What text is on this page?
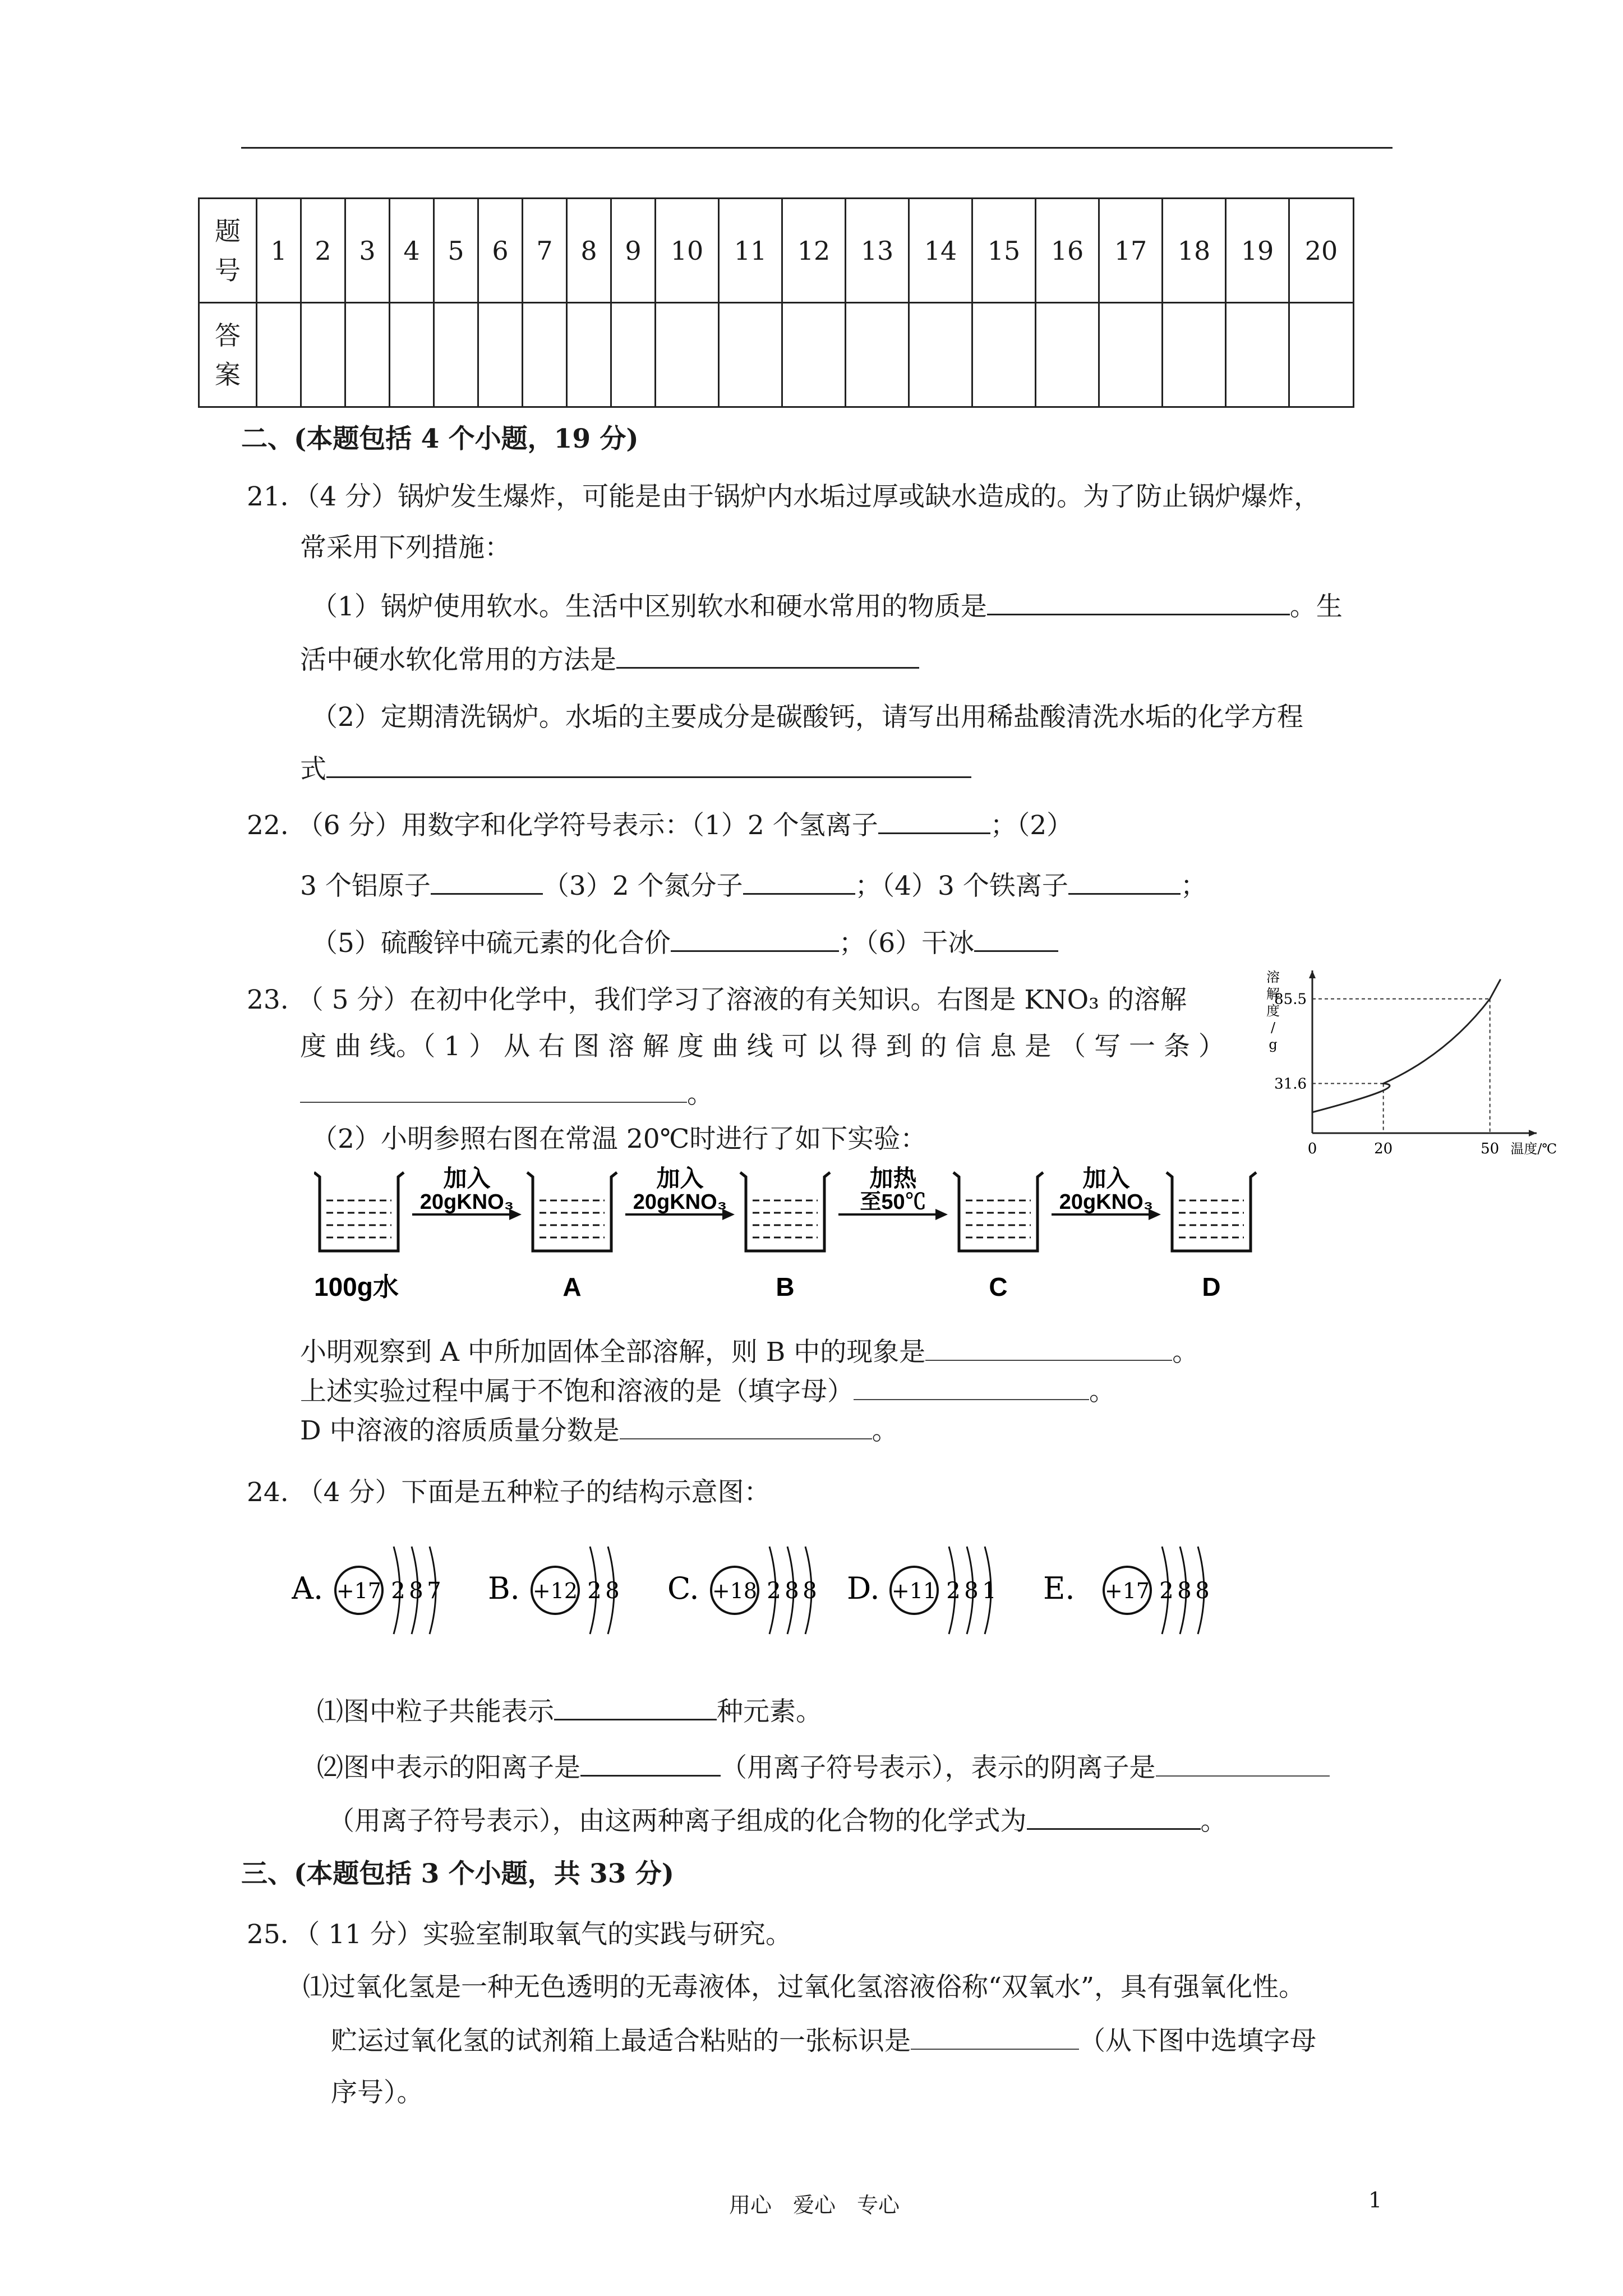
题号	1	2	3	4	5	6	7	8	9	10	11	12	13	14	15	16	17	18	19	20
答案																				
二、(本题包括 4 个小题，19 分)
21．（4 分）锅炉发生爆炸，可能是由于锅炉内水垢过厚或缺水造成的。为了防止锅炉爆炸，
常采用下列措施：
（1）锅炉使用软水。生活中区别软水和硬水常用的物质是	。生
活中硬水软化常用的方法是
（2）定期清洗锅炉。水垢的主要成分是碳酸钙，请写出用稀盐酸清洗水垢的化学方程
式
22. （6 分）用数字和化学符号表示：（1）2 个氢离子	；（2）
3 个铝原子	（3）2 个氮分子	；（4）3 个铁离子	；
（5）硫酸锌中硫元素的化合价	；（6）干冰
23. （ 5 分）在初中化学中，我们学习了溶液的有关知识。右图是 KNO₃ 的溶解
度 曲 线。（ 1 ） 从 右 图 溶 解 度 曲 线 可 以 得 到 的 信 息 是 （ 写 一 条 ）
。
（2）小明参照右图在常温 20℃时进行了如下实验：
31.6
85.5
0	20	50 温度/℃
溶
解
度
/
g
100g水	A	B	C	D
加入
20gKNO₃
加入
20gKNO₃
加热
至50℃
加入
20gKNO₃
小明观察到 A 中所加固体全部溶解，则 B 中的现象是	。
上述实验过程中属于不饱和溶液的是（填字母）	。
D 中溶液的溶质质量分数是	。
24. （4 分）下面是五种粒子的结构示意图：
A. +17 2 8 7 B. +12 2 8 C. +18 2 8 8 D. +11 2 8 1 E. +17 2 8 8
⑴图中粒子共能表示	种元素。
⑵图中表示的阳离子是	（用离子符号表示），表示的阴离子是
（用离子符号表示），由这两种离子组成的化合物的化学式为	。
三、(本题包括 3 个小题，共 33 分)
25．（ 11 分）实验室制取氧气的实践与研究。
⑴过氧化氢是一种无色透明的无毒液体，过氧化氢溶液俗称“双氧水”，具有强氧化性。
贮运过氧化氢的试剂箱上最适合粘贴的一张标识是	（从下图中选填字母
序号）。
用心　爱心　专心	1
